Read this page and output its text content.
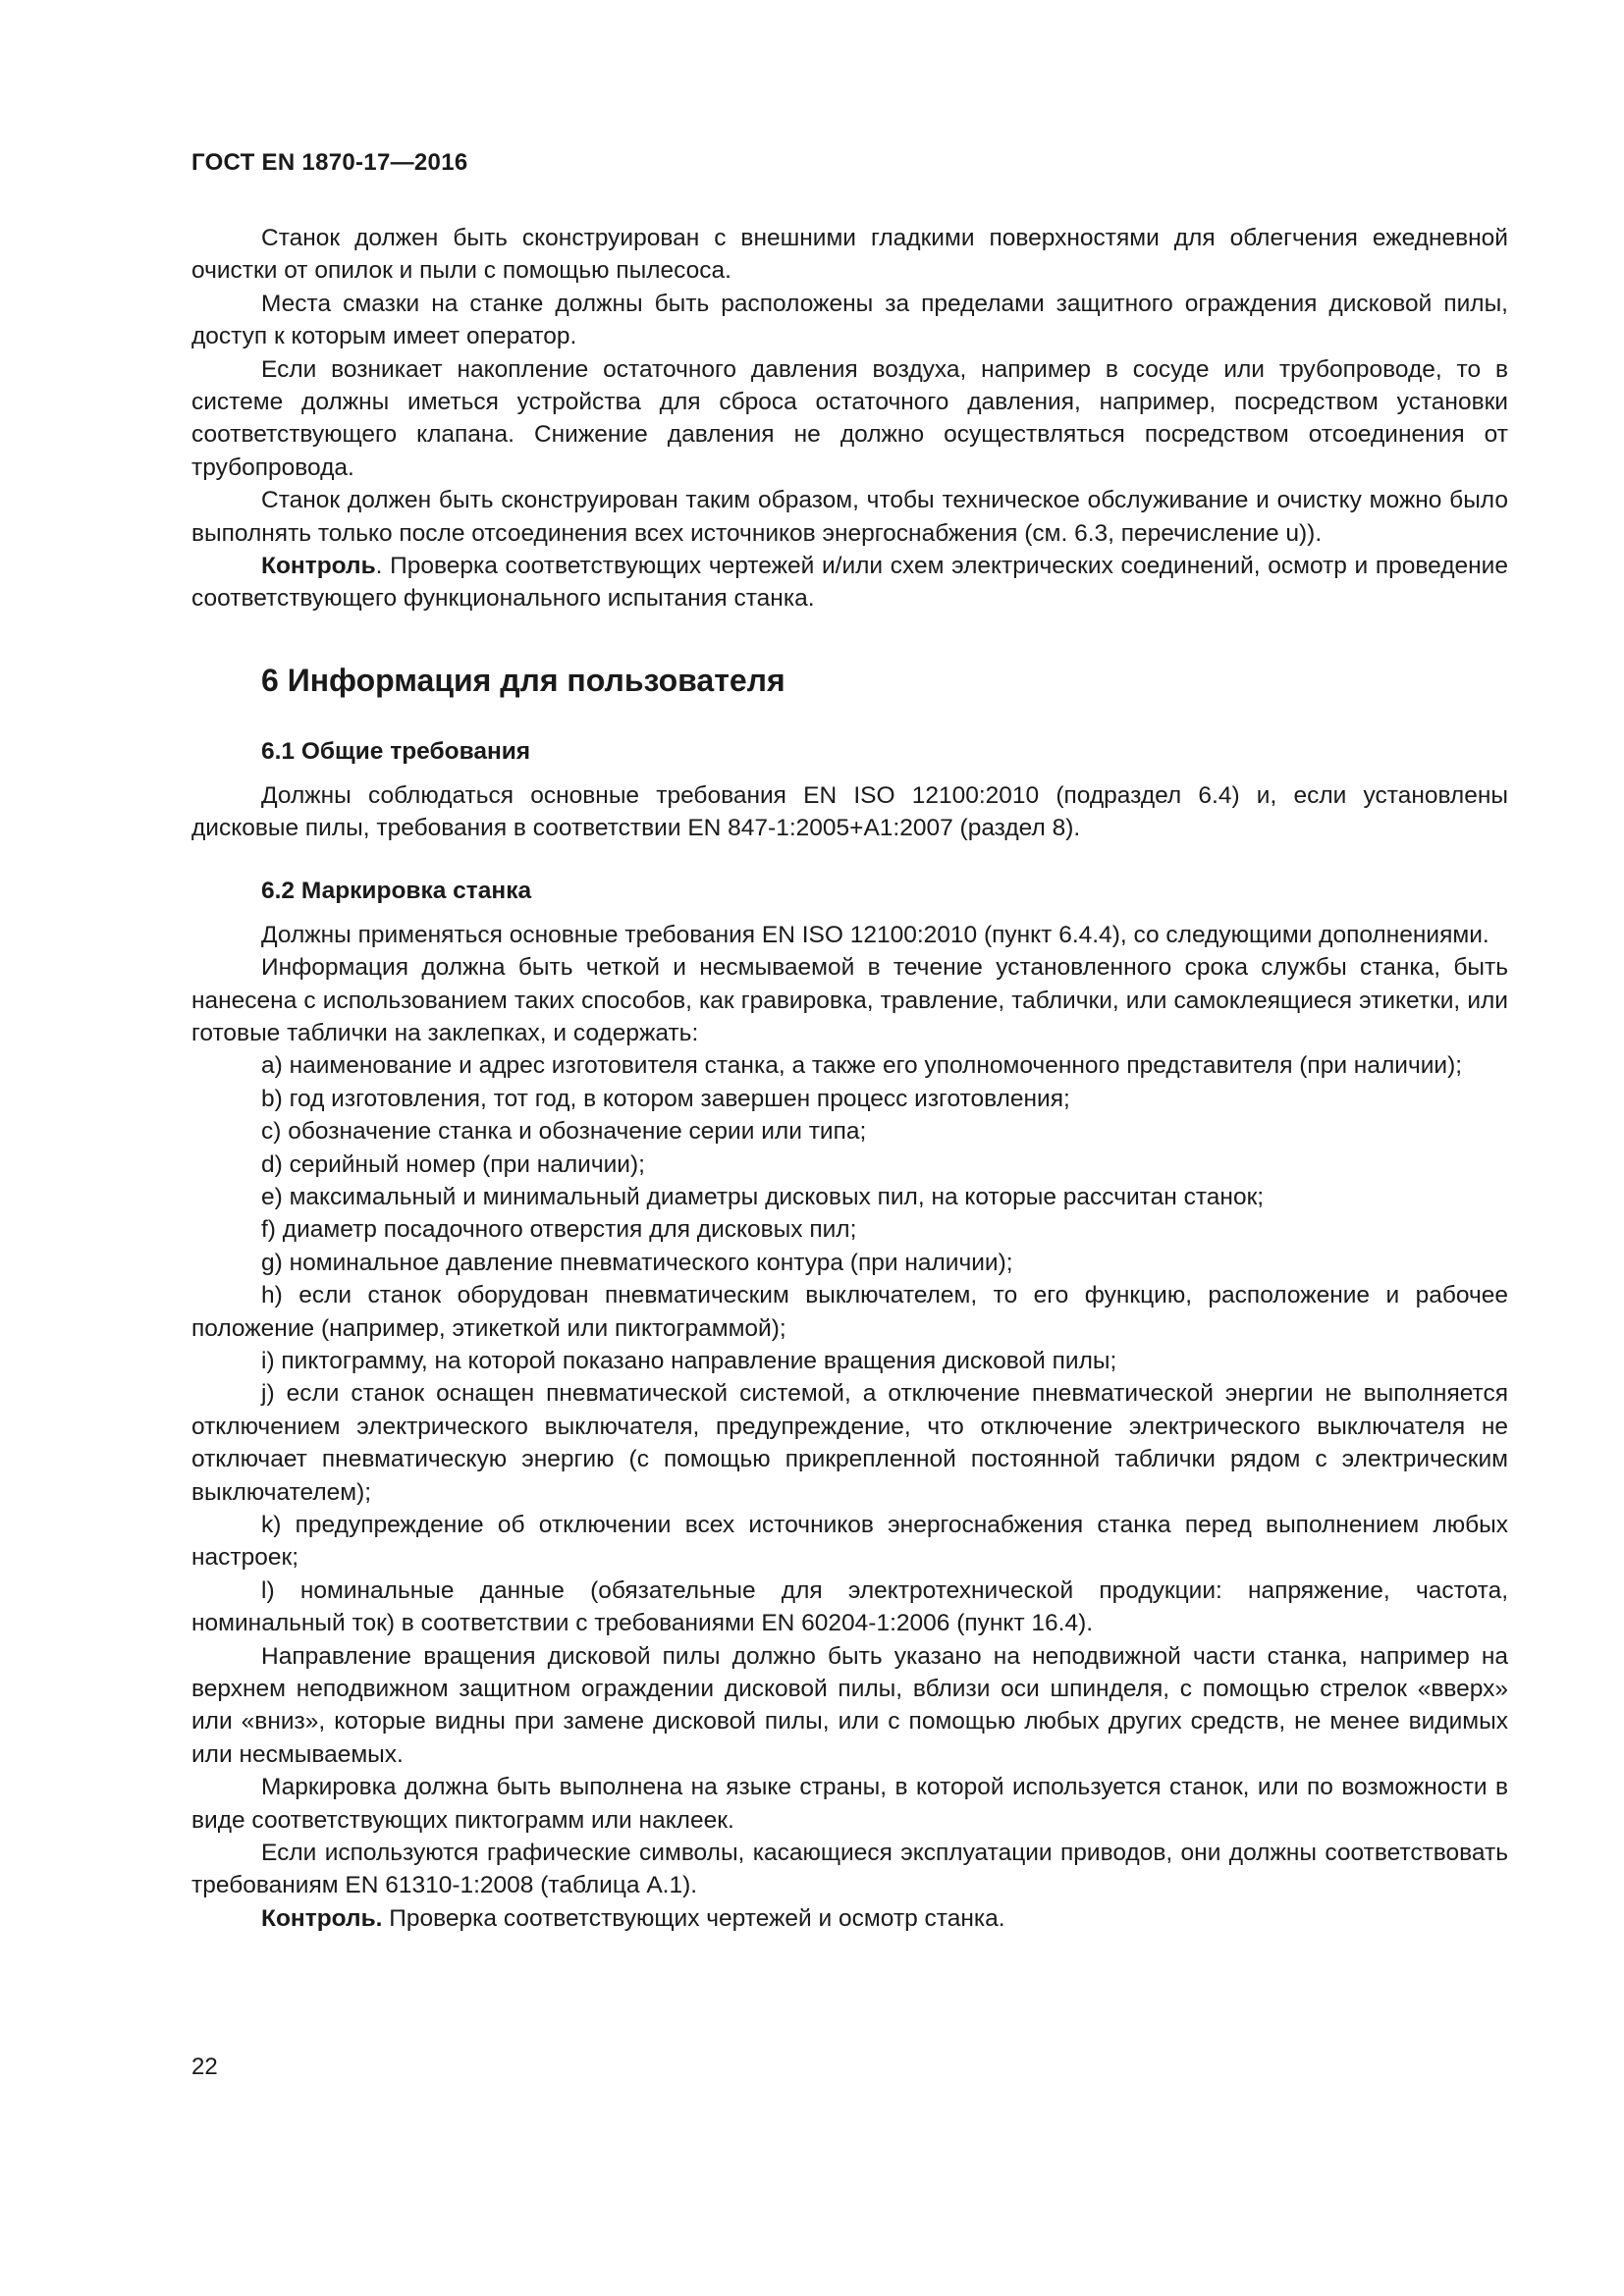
ГОСТ EN 1870-17—2016

Станок должен быть сконструирован с внешними гладкими поверхностями для облегчения ежедневной очистки от опилок и пыли с помощью пылесоса.

Места смазки на станке должны быть расположены за пределами защитного ограждения дисковой пилы, доступ к которым имеет оператор.

Если возникает накопление остаточного давления воздуха, например в сосуде или трубопроводе, то в системе должны иметься устройства для сброса остаточного давления, например, посредством установки соответствующего клапана. Снижение давления не должно осуществляться посредством отсоединения от трубопровода.

Станок должен быть сконструирован таким образом, чтобы техническое обслуживание и очистку можно было выполнять только после отсоединения всех источников энергоснабжения (см. 6.3, перечисление u)).

Контроль. Проверка соответствующих чертежей и/или схем электрических соединений, осмотр и проведение соответствующего функционального испытания станка.

6 Информация для пользователя
6.1 Общие требования

Должны соблюдаться основные требования EN ISO 12100:2010 (подраздел 6.4) и, если установлены дисковые пилы, требования в соответствии EN 847-1:2005+А1:2007 (раздел 8).

6.2 Маркировка станка

Должны применяться основные требования EN ISO 12100:2010 (пункт 6.4.4), со следующими дополнениями.

Информация должна быть четкой и несмываемой в течение установленного срока службы станка, быть нанесена с использованием таких способов, как гравировка, травление, таблички, или самоклеящиеся этикетки, или готовые таблички на заклепках, и содержать:

a) наименование и адрес изготовителя станка, а также его уполномоченного представителя (при наличии);

b) год изготовления, тот год, в котором завершен процесс изготовления;

c) обозначение станка и обозначение серии или типа;

d) серийный номер (при наличии);

e) максимальный и минимальный диаметры дисковых пил, на которые рассчитан станок;

f) диаметр посадочного отверстия для дисковых пил;

g) номинальное давление пневматического контура (при наличии);

h) если станок оборудован пневматическим выключателем, то его функцию, расположение и рабочее положение (например, этикеткой или пиктограммой);

i) пиктограмму, на которой показано направление вращения дисковой пилы;

j) если станок оснащен пневматической системой, а отключение пневматической энергии не выполняется отключением электрического выключателя, предупреждение, что отключение электрического выключателя не отключает пневматическую энергию (с помощью прикрепленной постоянной таблички рядом с электрическим выключателем);

k) предупреждение об отключении всех источников энергоснабжения станка перед выполнением любых настроек;

l) номинальные данные (обязательные для электротехнической продукции: напряжение, частота, номинальный ток) в соответствии с требованиями EN 60204-1:2006 (пункт 16.4).

Направление вращения дисковой пилы должно быть указано на неподвижной части станка, например на верхнем неподвижном защитном ограждении дисковой пилы, вблизи оси шпинделя, с помощью стрелок «вверх» или «вниз», которые видны при замене дисковой пилы, или с помощью любых других средств, не менее видимых или несмываемых.

Маркировка должна быть выполнена на языке страны, в которой используется станок, или по возможности в виде соответствующих пиктограмм или наклеек.

Если используются графические символы, касающиеся эксплуатации приводов, они должны соответствовать требованиям EN 61310-1:2008 (таблица А.1).

Контроль. Проверка соответствующих чертежей и осмотр станка.

22
